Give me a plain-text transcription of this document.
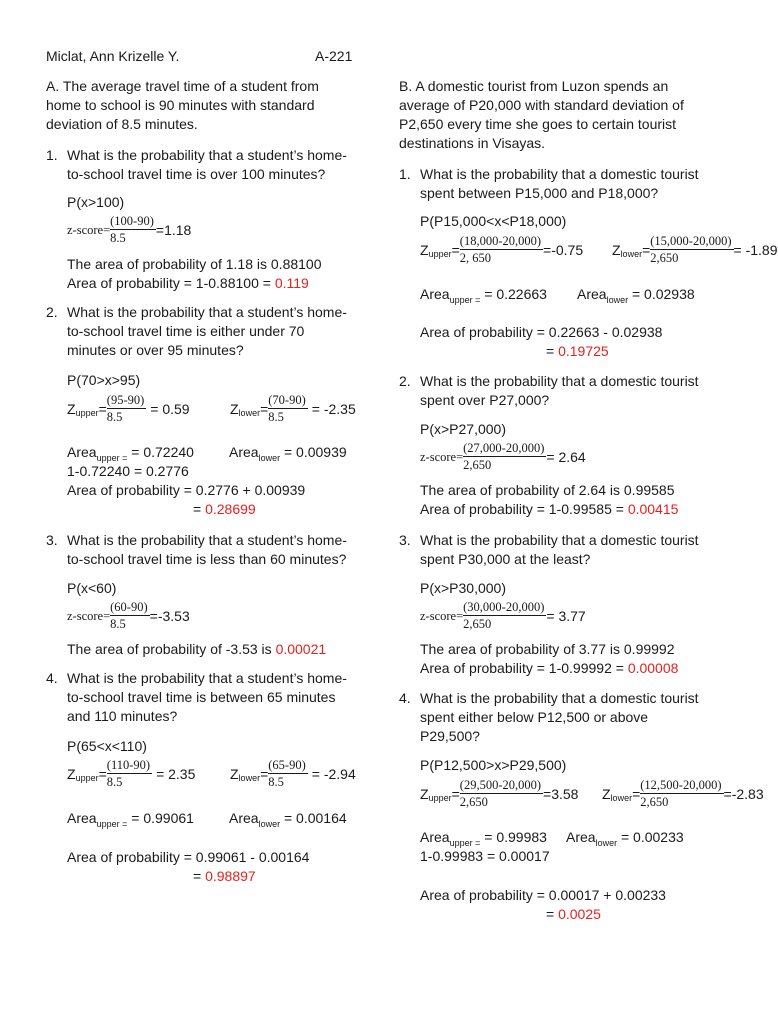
Miclat, Ann Krizelle Y.	A-221
A. The average travel time of a student from
home to school is 90 minutes with standard
deviation of 8.5 minutes.
1. What is the probability that a student’s home-
to-school travel time is over 100 minutes?
P(x>100)
z-score= $\frac{(100-90)}{8.5} =1.18$
The area of probability of 1.18 is 0.88100
Area of probability = 1-0.88100 = 0.119
2. What is the probability that a student’s home-
to-school travel time is either under 70
minutes or over 95 minutes?
P(70>x>95)
Z upper = $\frac{(95-90)}{8.5} = 0.59$	Z lower = $\frac{(70-90)}{8.5} = -2.35$
Area$_{upper =}$ = 0.72240	Area$_{lower}$ = 0.00939
1-0.72240 = 0.2776
Area of probability = 0.2776 + 0.00939
= 0.28699
3. What is the probability that a student’s home-
to-school travel time is less than 60 minutes?
P(x<60)
z-score= $\frac{(60-90)}{8.5} =-3.53$
The area of probability of -3.53 is 0.00021
4. What is the probability that a student’s home-
to-school travel time is between 65 minutes
and 110 minutes?
P(65<x<110)
Z upper = $\frac{(110-90)}{8.5} = 2.35$ Z lower = $\frac{(65-90)}{8.5} = -2.94$
Area$_{upper =}$ = 0.99061	Area$_{lower}$ = 0.00164
Area of probability = 0.99061 - 0.00164
= 0.98897
B. A domestic tourist from Luzon spends an
average of P20,000 with standard deviation of
P2,650 every time she goes to certain tourist
destinations in Visayas.
1. What is the probability that a domestic tourist
spent between P15,000 and P18,000?
P(P15,000<x<P18,000)
Z upper = $\frac{(18,000-20,000)}{2, 650} =-0.75$ Z lower = $\frac{(15,000-20,000)}{2,650} = -1.89$
Area$_{upper =}$ = 0.22663 Area$_{lower}$ = 0.02938
Area of probability = 0.22663 - 0.02938
= 0.19725
2. What is the probability that a domestic tourist
spent over P27,000?
P(x>P27,000)
z-score= $\frac{(27,000-20,000)}{2,650} = 2.64$
The area of probability of 2.64 is 0.99585
Area of probability = 1-0.99585 = 0.00415
3. What is the probability that a domestic tourist
spent P30,000 at the least?
P(x>P30,000)
z-score= $\frac{(30,000-20,000)}{2,650} = 3.77$
The area of probability of 3.77 is 0.99992
Area of probability = 1-0.99992 = 0.00008
4. What is the probability that a domestic tourist
spent either below P12,500 or above
P29,500?
P(P12,500>x>P29,500)
Z upper = $\frac{(29,500-20,000)}{2,650} =3.58$ Z lower = $\frac{(12,500-20,000)}{2,650} =-2.83$
Area$_{upper =}$ = 0.99983 Area$_{lower}$ = 0.00233
1-0.99983 = 0.00017
Area of probability = 0.00017 + 0.00233
= 0.0025
